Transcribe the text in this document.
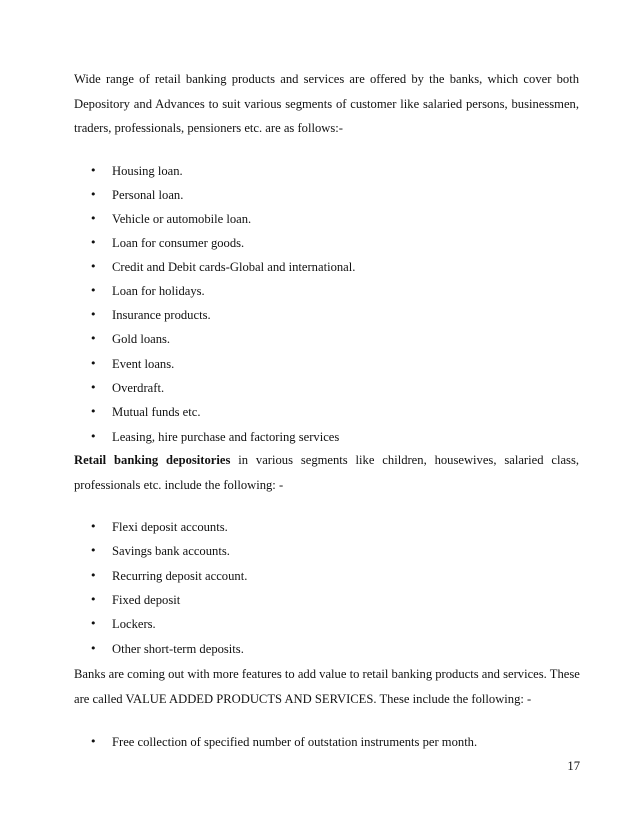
Wide range of retail banking products and services are offered by the banks, which cover both
Depository and Advances to suit various segments of customer like salaried persons, businessmen,
traders, professionals, pensioners etc. are as follows:-

• Housing loan.
• Personal loan.
• Vehicle or automobile loan.
• Loan for consumer goods.
• Credit and Debit cards-Global and international.
• Loan for holidays.
• Insurance products.
• Gold loans.
• Event loans.
• Overdraft.
• Mutual funds etc.
• Leasing, hire purchase and factoring services

Retail banking depositories in various segments like children, housewives, salaried class,
professionals etc. include the following: -

• Flexi deposit accounts.
• Savings bank accounts.
• Recurring deposit account.
• Fixed deposit
• Lockers.
• Other short-term deposits.

Banks are coming out with more features to add value to retail banking products and services. These
are called VALUE ADDED PRODUCTS AND SERVICES. These include the following: -

• Free collection of specified number of outstation instruments per month.
17
